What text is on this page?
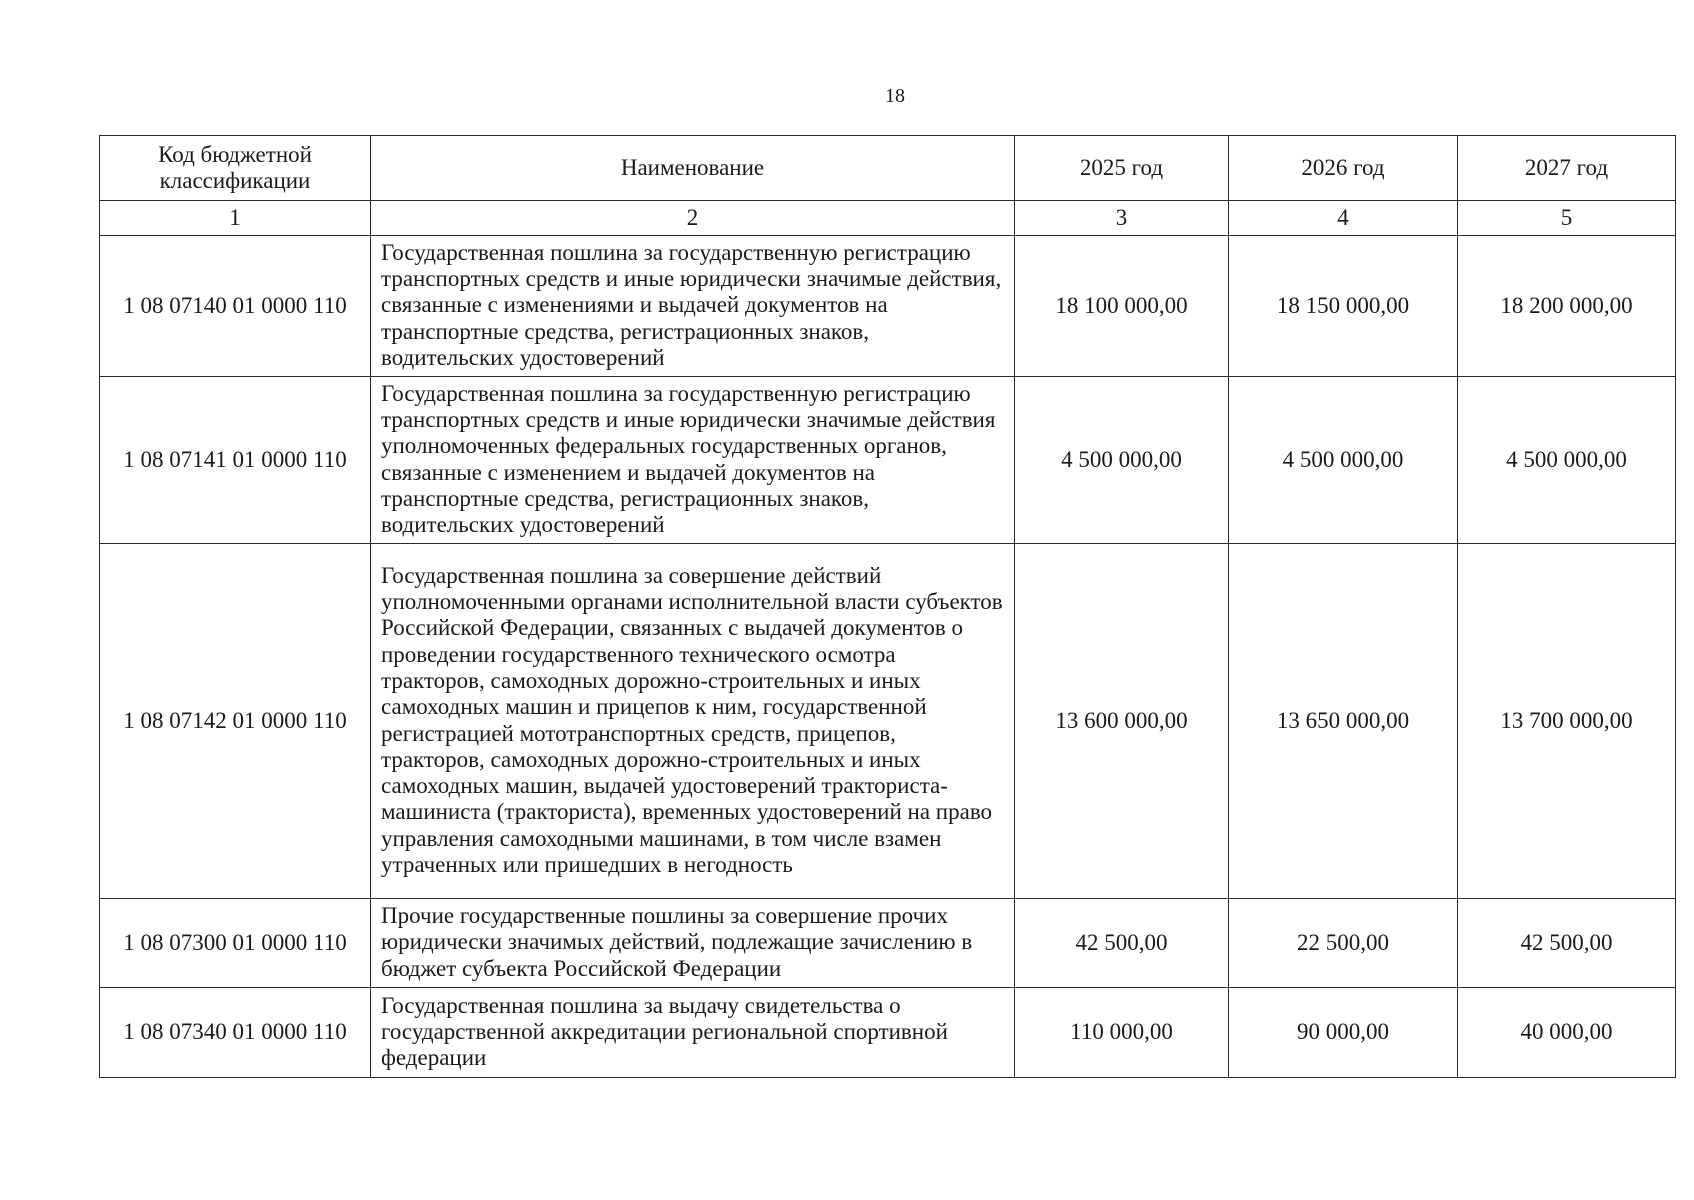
18
Код бюджетной классификации	Наименование	2025 год	2026 год	2027 год
1	2	3	4	5
1 08 07140 01 0000 110	Государственная пошлина за государственную регистрацию транспортных средств и иные юридически значимые действия, связанные с изменениями и выдачей документов на транспортные средства, регистрационных знаков, водительских удостоверений	18 100 000,00	18 150 000,00	18 200 000,00
1 08 07141 01 0000 110	Государственная пошлина за государственную регистрацию транспортных средств и иные юридически значимые действия уполномоченных федеральных государственных органов, связанные с изменением и выдачей документов на транспортные средства, регистрационных знаков, водительских удостоверений	4 500 000,00	4 500 000,00	4 500 000,00
1 08 07142 01 0000 110	Государственная пошлина за совершение действий уполномоченными органами исполнительной власти субъектов Российской Федерации, связанных с выдачей документов о проведении государственного технического осмотра тракторов, самоходных дорожно-строительных и иных самоходных машин и прицепов к ним, государственной регистрацией мототранспортных средств, прицепов, тракторов, самоходных дорожно-строительных и иных самоходных машин, выдачей удостоверений тракториста-машиниста (тракториста), временных удостоверений на право управления самоходными машинами, в том числе взамен утраченных или пришедших в негодность	13 600 000,00	13 650 000,00	13 700 000,00
1 08 07300 01 0000 110	Прочие государственные пошлины за совершение прочих юридически значимых действий, подлежащие зачислению в бюджет субъекта Российской Федерации	42 500,00	22 500,00	42 500,00
1 08 07340 01 0000 110	Государственная пошлина за выдачу свидетельства о государственной аккредитации региональной спортивной федерации	110 000,00	90 000,00	40 000,00
